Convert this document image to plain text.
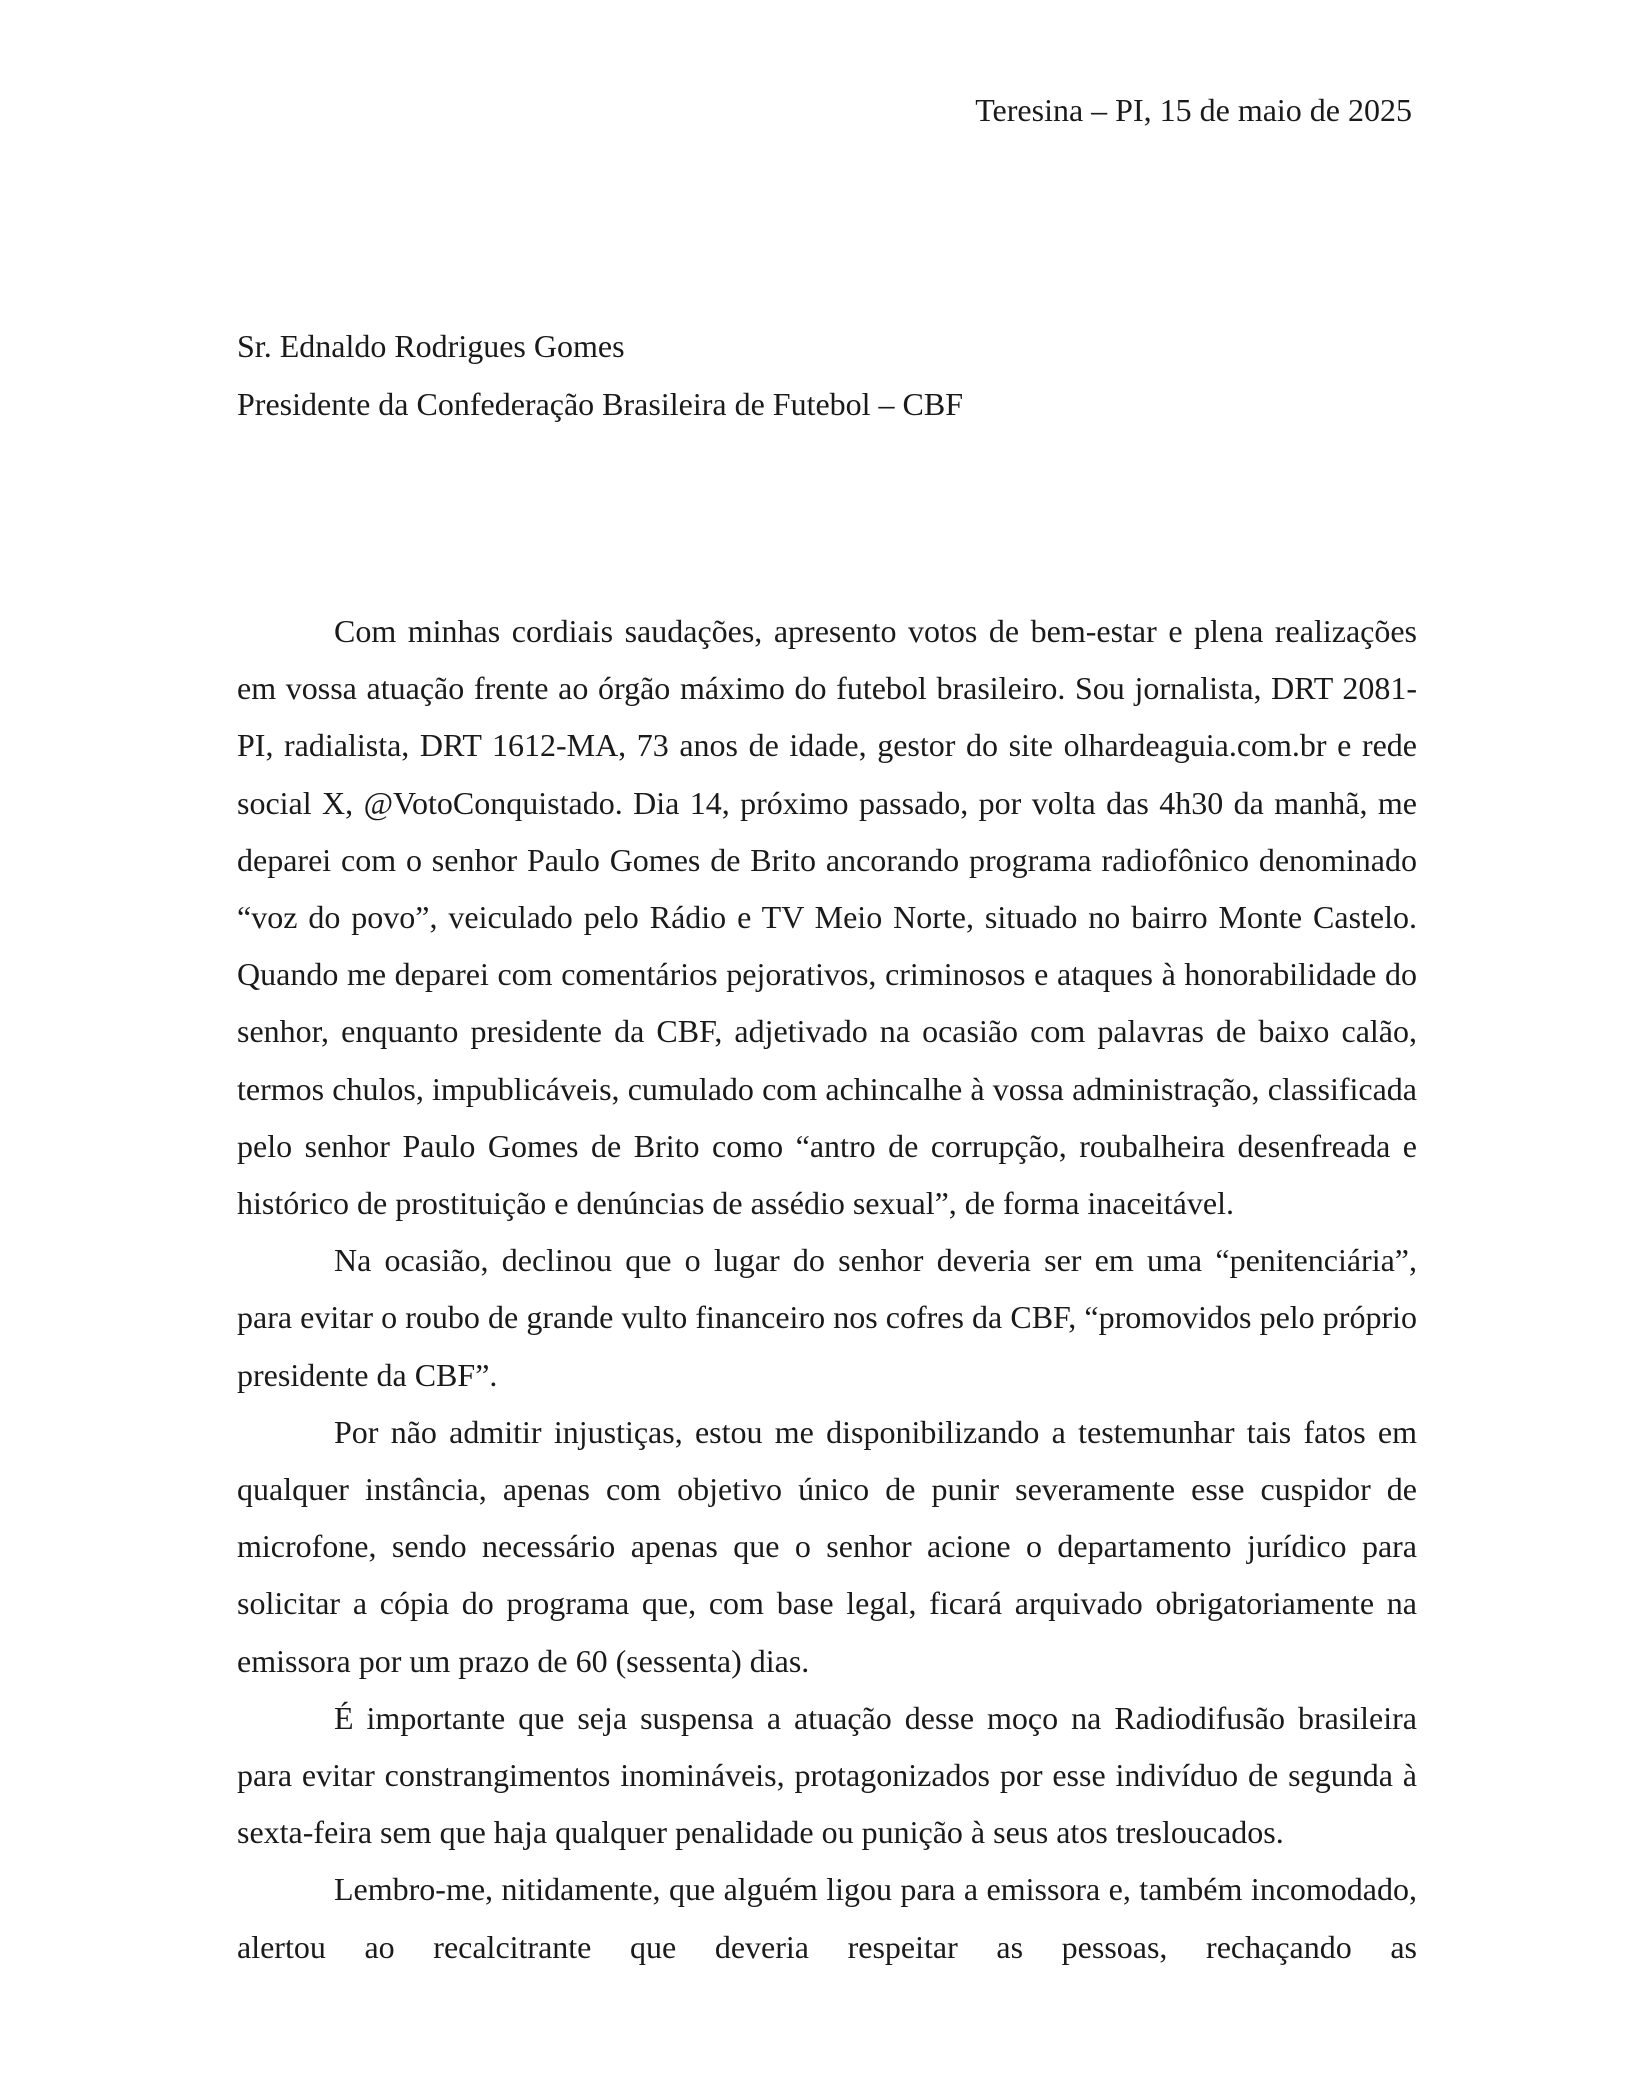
Teresina – PI, 15 de maio de 2025
Sr. Ednaldo Rodrigues Gomes
Presidente da Confederação Brasileira de Futebol – CBF

Com minhas cordiais saudações, apresento votos de bem-estar e plena realizações em vossa atuação frente ao órgão máximo do futebol brasileiro. Sou jornalista, DRT 2081-PI, radialista, DRT 1612-MA, 73 anos de idade, gestor do site olhardeaguia.com.br e rede social X, @VotoConquistado. Dia 14, próximo passado, por volta das 4h30 da manhã, me deparei com o senhor Paulo Gomes de Brito ancorando programa radiofônico denominado “voz do povo”, veiculado pelo Rádio e TV Meio Norte, situado no bairro Monte Castelo. Quando me deparei com comentários pejorativos, criminosos e ataques à honorabilidade do senhor, enquanto presidente da CBF, adjetivado na ocasião com palavras de baixo calão, termos chulos, impublicáveis, cumulado com achincalhe à vossa administração, classificada pelo senhor Paulo Gomes de Brito como “antro de corrupção, roubalheira desenfreada e histórico de prostituição e denúncias de assédio sexual”, de forma inaceitável.

Na ocasião, declinou que o lugar do senhor deveria ser em uma “penitenciária”, para evitar o roubo de grande vulto financeiro nos cofres da CBF, “promovidos pelo próprio presidente da CBF”.

Por não admitir injustiças, estou me disponibilizando a testemunhar tais fatos em qualquer instância, apenas com objetivo único de punir severamente esse cuspidor de microfone, sendo necessário apenas que o senhor acione o departamento jurídico para solicitar a cópia do programa que, com base legal, ficará arquivado obrigatoriamente na emissora por um prazo de 60 (sessenta) dias.

É importante que seja suspensa a atuação desse moço na Radiodifusão brasileira para evitar constrangimentos inomináveis, protagonizados por esse indivíduo de segunda à sexta-feira sem que haja qualquer penalidade ou punição à seus atos tresloucados.

Lembro-me, nitidamente, que alguém ligou para a emissora e, também incomodado, alertou ao recalcitrante que deveria respeitar as pessoas, rechaçando as
